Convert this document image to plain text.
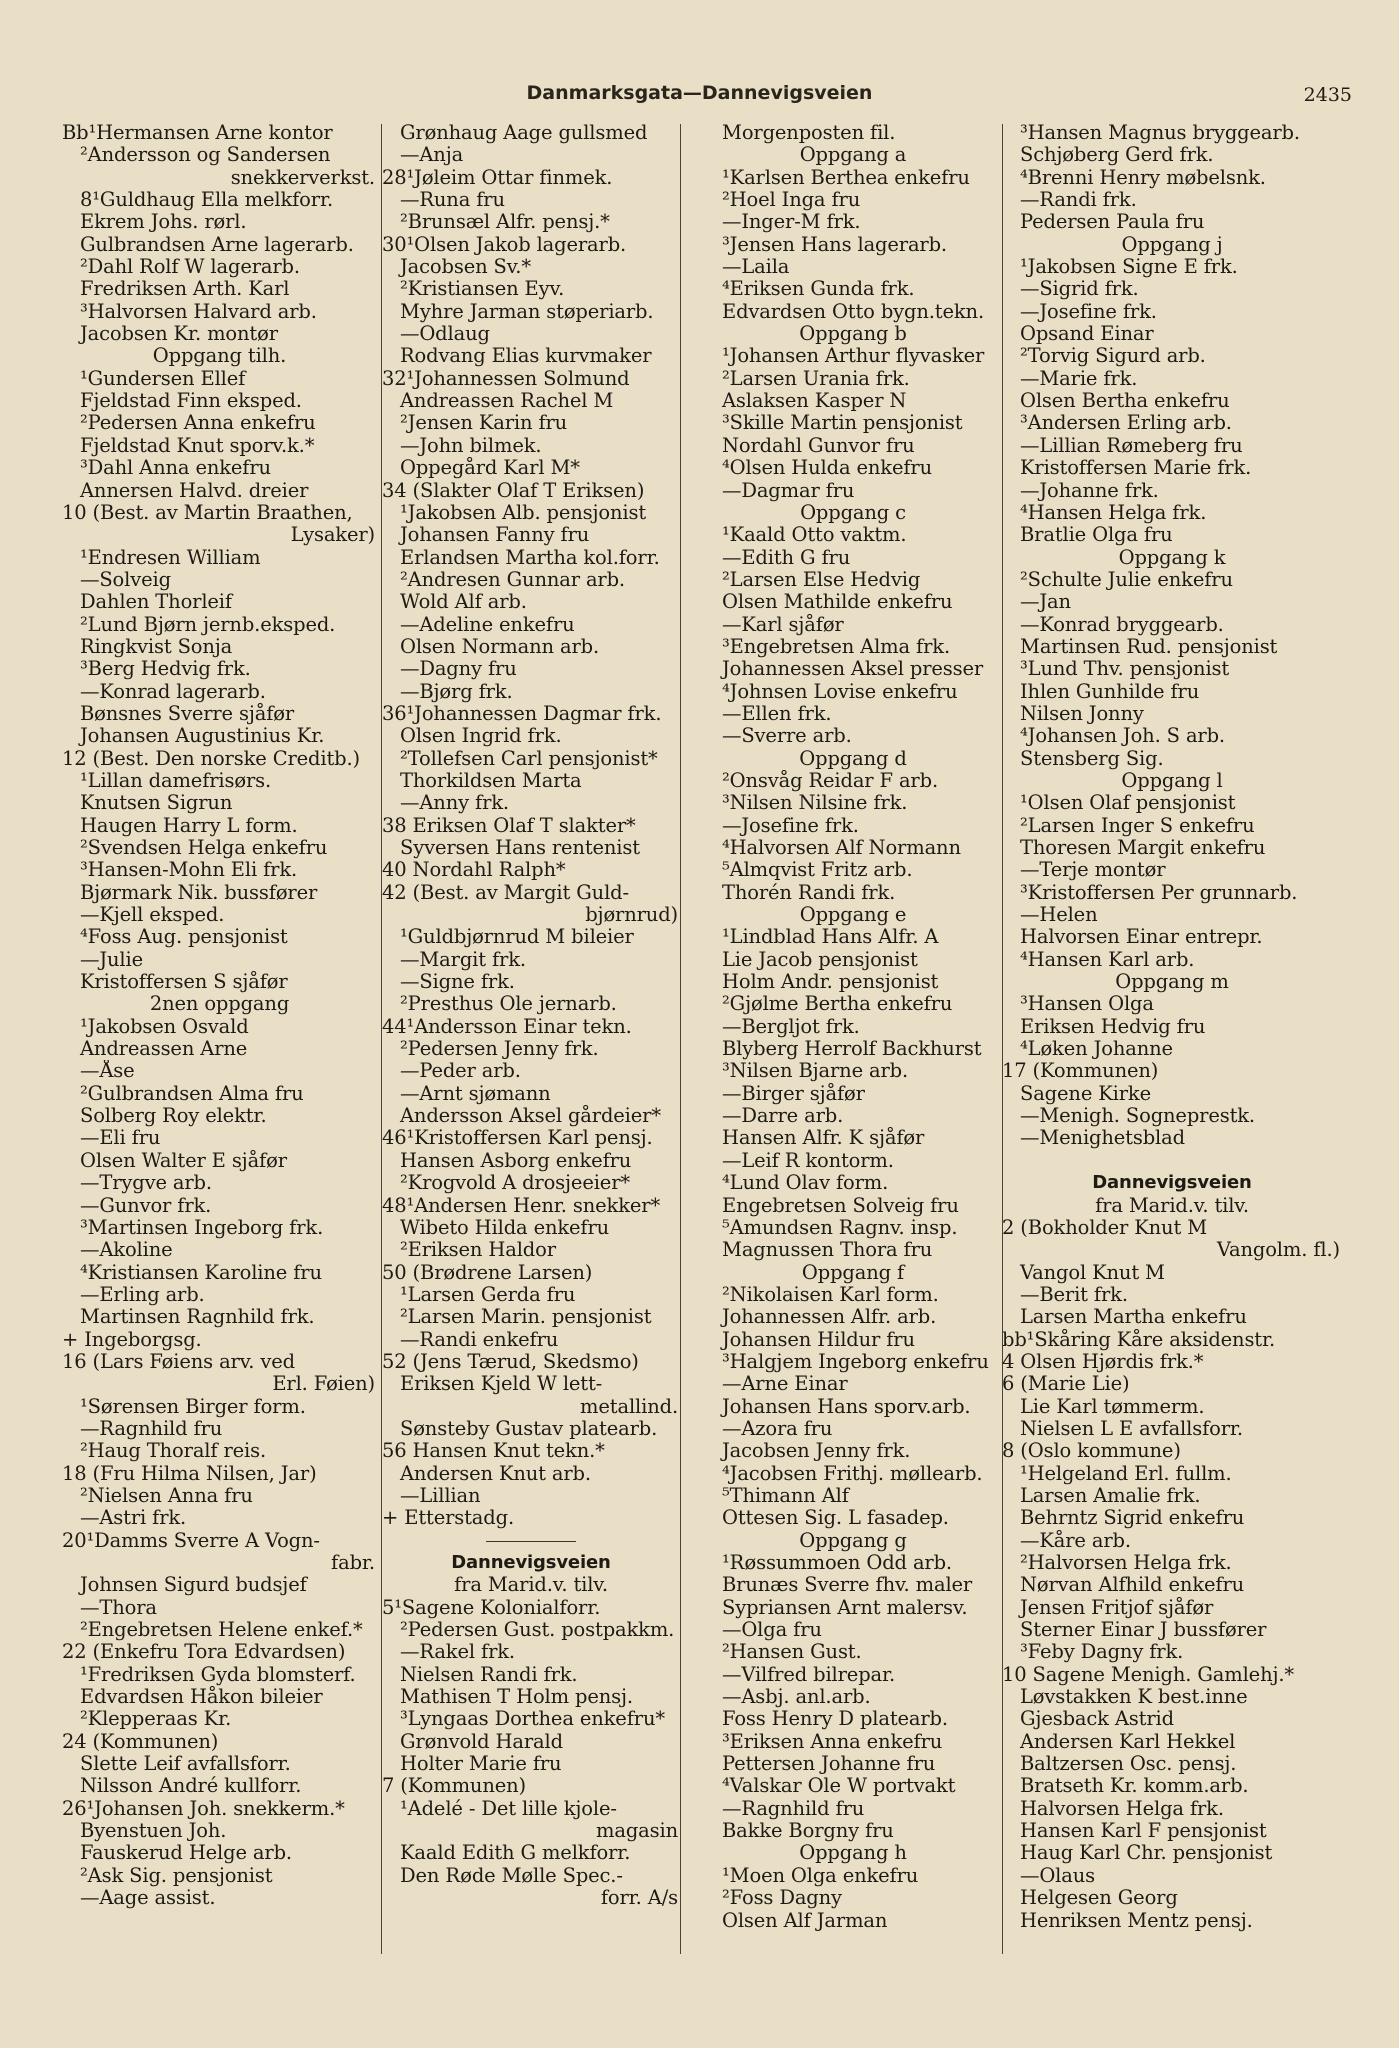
Danmarksgata—Dannevigsveien	2435
Bb¹Hermansen Arne kontor
²Andersson og Sandersen
snekkerverkst.
8¹Guldhaug Ella melkforr.
Ekrem Johs. rørl.
Gulbrandsen Arne lagerarb.
²Dahl Rolf W lagerarb.
Fredriksen Arth. Karl
³Halvorsen Halvard arb.
Jacobsen Kr. montør
Oppgang tilh.
¹Gundersen Ellef
Fjeldstad Finn eksped.
²Pedersen Anna enkefru
Fjeldstad Knut sporv.k.*
³Dahl Anna enkefru
Annersen Halvd. dreier
10 (Best. av Martin Braathen,
Lysaker)
¹Endresen William
—Solveig
Dahlen Thorleif
²Lund Bjørn jernb.eksped.
Ringkvist Sonja
³Berg Hedvig frk.
—Konrad lagerarb.
Bønsnes Sverre sjåfør
Johansen Augustinius Kr.
12 (Best. Den norske Creditb.)
¹Lillan damefrisørs.
Knutsen Sigrun
Haugen Harry L form.
²Svendsen Helga enkefru
³Hansen-Mohn Eli frk.
Bjørmark Nik. bussfører
—Kjell eksped.
⁴Foss Aug. pensjonist
—Julie
Kristoffersen S sjåfør
2nen oppgang
¹Jakobsen Osvald
Andreassen Arne
—Åse
²Gulbrandsen Alma fru
Solberg Roy elektr.
—Eli fru
Olsen Walter E sjåfør
—Trygve arb.
—Gunvor frk.
³Martinsen Ingeborg frk.
—Akoline
⁴Kristiansen Karoline fru
—Erling arb.
Martinsen Ragnhild frk.
+ Ingeborgsg.
16 (Lars Føiens arv. ved
Erl. Føien)
¹Sørensen Birger form.
—Ragnhild fru
²Haug Thoralf reis.
18 (Fru Hilma Nilsen, Jar)
²Nielsen Anna fru
—Astri frk.
20¹Damms Sverre A Vogn-
fabr.
Johnsen Sigurd budsjef
—Thora
²Engebretsen Helene enkef.*
22 (Enkefru Tora Edvardsen)
¹Fredriksen Gyda blomsterf.
Edvardsen Håkon bileier
²Klepperaas Kr.
24 (Kommunen)
Slette Leif avfallsforr.
Nilsson André kullforr.
26¹Johansen Joh. snekkerm.*
Byenstuen Joh.
Fauskerud Helge arb.
²Ask Sig. pensjonist
—Aage assist.
Grønhaug Aage gullsmed
—Anja
28¹Jøleim Ottar finmek.
—Runa fru
²Brunsæl Alfr. pensj.*
30¹Olsen Jakob lagerarb.
Jacobsen Sv.*
²Kristiansen Eyv.
Myhre Jarman støperiarb.
—Odlaug
Rodvang Elias kurvmaker
32¹Johannessen Solmund
Andreassen Rachel M
²Jensen Karin fru
—John bilmek.
Oppegård Karl M*
34 (Slakter Olaf T Eriksen)
¹Jakobsen Alb. pensjonist
Johansen Fanny fru
Erlandsen Martha kol.forr.
²Andresen Gunnar arb.
Wold Alf arb.
—Adeline enkefru
Olsen Normann arb.
—Dagny fru
—Bjørg frk.
36¹Johannessen Dagmar frk.
Olsen Ingrid frk.
²Tollefsen Carl pensjonist*
Thorkildsen Marta
—Anny frk.
38 Eriksen Olaf T slakter*
Syversen Hans rentenist
40 Nordahl Ralph*
42 (Best. av Margit Guld-
bjørnrud)
¹Guldbjørnrud M bileier
—Margit frk.
—Signe frk.
²Presthus Ole jernarb.
44¹Andersson Einar tekn.
²Pedersen Jenny frk.
—Peder arb.
—Arnt sjømann
Andersson Aksel gårdeier*
46¹Kristoffersen Karl pensj.
Hansen Asborg enkefru
²Krogvold A drosjeeier*
48¹Andersen Henr. snekker*
Wibeto Hilda enkefru
²Eriksen Haldor
50 (Brødrene Larsen)
¹Larsen Gerda fru
²Larsen Marin. pensjonist
—Randi enkefru
52 (Jens Tærud, Skedsmo)
Eriksen Kjeld W lett-
metallind.
Sønsteby Gustav platearb.
56 Hansen Knut tekn.*
Andersen Knut arb.
—Lillian
+ Etterstadg.
Dannevigsveien
fra Marid.v. tilv.
5¹Sagene Kolonialforr.
²Pedersen Gust. postpakkm.
—Rakel frk.
Nielsen Randi frk.
Mathisen T Holm pensj.
³Lyngaas Dorthea enkefru*
Grønvold Harald
Holter Marie fru
7 (Kommunen)
¹Adelé - Det lille kjole-
magasin
Kaald Edith G melkforr.
Den Røde Mølle Spec.-
forr. A/s
Morgenposten fil.
Oppgang a
¹Karlsen Berthea enkefru
²Hoel Inga fru
—Inger-M frk.
³Jensen Hans lagerarb.
—Laila
⁴Eriksen Gunda frk.
Edvardsen Otto bygn.tekn.
Oppgang b
¹Johansen Arthur flyvasker
²Larsen Urania frk.
Aslaksen Kasper N
³Skille Martin pensjonist
Nordahl Gunvor fru
⁴Olsen Hulda enkefru
—Dagmar fru
Oppgang c
¹Kaald Otto vaktm.
—Edith G fru
²Larsen Else Hedvig
Olsen Mathilde enkefru
—Karl sjåfør
³Engebretsen Alma frk.
Johannessen Aksel presser
⁴Johnsen Lovise enkefru
—Ellen frk.
—Sverre arb.
Oppgang d
²Onsvåg Reidar F arb.
³Nilsen Nilsine frk.
—Josefine frk.
⁴Halvorsen Alf Normann
⁵Almqvist Fritz arb.
Thorén Randi frk.
Oppgang e
¹Lindblad Hans Alfr. A
Lie Jacob pensjonist
Holm Andr. pensjonist
²Gjølme Bertha enkefru
—Bergljot frk.
Blyberg Herrolf Backhurst
³Nilsen Bjarne arb.
—Birger sjåfør
—Darre arb.
Hansen Alfr. K sjåfør
—Leif R kontorm.
⁴Lund Olav form.
Engebretsen Solveig fru
⁵Amundsen Ragnv. insp.
Magnussen Thora fru
Oppgang f
²Nikolaisen Karl form.
Johannessen Alfr. arb.
Johansen Hildur fru
³Halgjem Ingeborg enkefru
—Arne Einar
Johansen Hans sporv.arb.
—Azora fru
Jacobsen Jenny frk.
⁴Jacobsen Frithj. møllearb.
⁵Thimann Alf
Ottesen Sig. L fasadep.
Oppgang g
¹Røssummoen Odd arb.
Brunæs Sverre fhv. maler
Sypriansen Arnt malersv.
—Olga fru
²Hansen Gust.
—Vilfred bilrepar.
—Asbj. anl.arb.
Foss Henry D platearb.
³Eriksen Anna enkefru
Pettersen Johanne fru
⁴Valskar Ole W portvakt
—Ragnhild fru
Bakke Borgny fru
Oppgang h
¹Moen Olga enkefru
²Foss Dagny
Olsen Alf Jarman
³Hansen Magnus bryggearb.
Schjøberg Gerd frk.
⁴Brenni Henry møbelsnk.
—Randi frk.
Pedersen Paula fru
Oppgang j
¹Jakobsen Signe E frk.
—Sigrid frk.
—Josefine frk.
Opsand Einar
²Torvig Sigurd arb.
—Marie frk.
Olsen Bertha enkefru
³Andersen Erling arb.
—Lillian Rømeberg fru
Kristoffersen Marie frk.
—Johanne frk.
⁴Hansen Helga frk.
Bratlie Olga fru
Oppgang k
²Schulte Julie enkefru
—Jan
—Konrad bryggearb.
Martinsen Rud. pensjonist
³Lund Thv. pensjonist
Ihlen Gunhilde fru
Nilsen Jonny
⁴Johansen Joh. S arb.
Stensberg Sig.
Oppgang l
¹Olsen Olaf pensjonist
²Larsen Inger S enkefru
Thoresen Margit enkefru
—Terje montør
³Kristoffersen Per grunnarb.
—Helen
Halvorsen Einar entrepr.
⁴Hansen Karl arb.
Oppgang m
³Hansen Olga
Eriksen Hedvig fru
⁴Løken Johanne
17 (Kommunen)
Sagene Kirke
—Menigh. Sogneprestk.
—Menighetsblad
Dannevigsveien
fra Marid.v. tilv.
2 (Bokholder Knut M
Vangolm. fl.)
Vangol Knut M
—Berit frk.
Larsen Martha enkefru
bb¹Skåring Kåre aksidenstr.
4 Olsen Hjørdis frk.*
6 (Marie Lie)
Lie Karl tømmerm.
Nielsen L E avfallsforr.
8 (Oslo kommune)
¹Helgeland Erl. fullm.
Larsen Amalie frk.
Behrntz Sigrid enkefru
—Kåre arb.
²Halvorsen Helga frk.
Nørvan Alfhild enkefru
Jensen Fritjof sjåfør
Sterner Einar J bussfører
³Feby Dagny frk.
10 Sagene Menigh. Gamlehj.*
Løvstakken K best.inne
Gjesback Astrid
Andersen Karl Hekkel
Baltzersen Osc. pensj.
Bratseth Kr. komm.arb.
Halvorsen Helga frk.
Hansen Karl F pensjonist
Haug Karl Chr. pensjonist
—Olaus
Helgesen Georg
Henriksen Mentz pensj.
